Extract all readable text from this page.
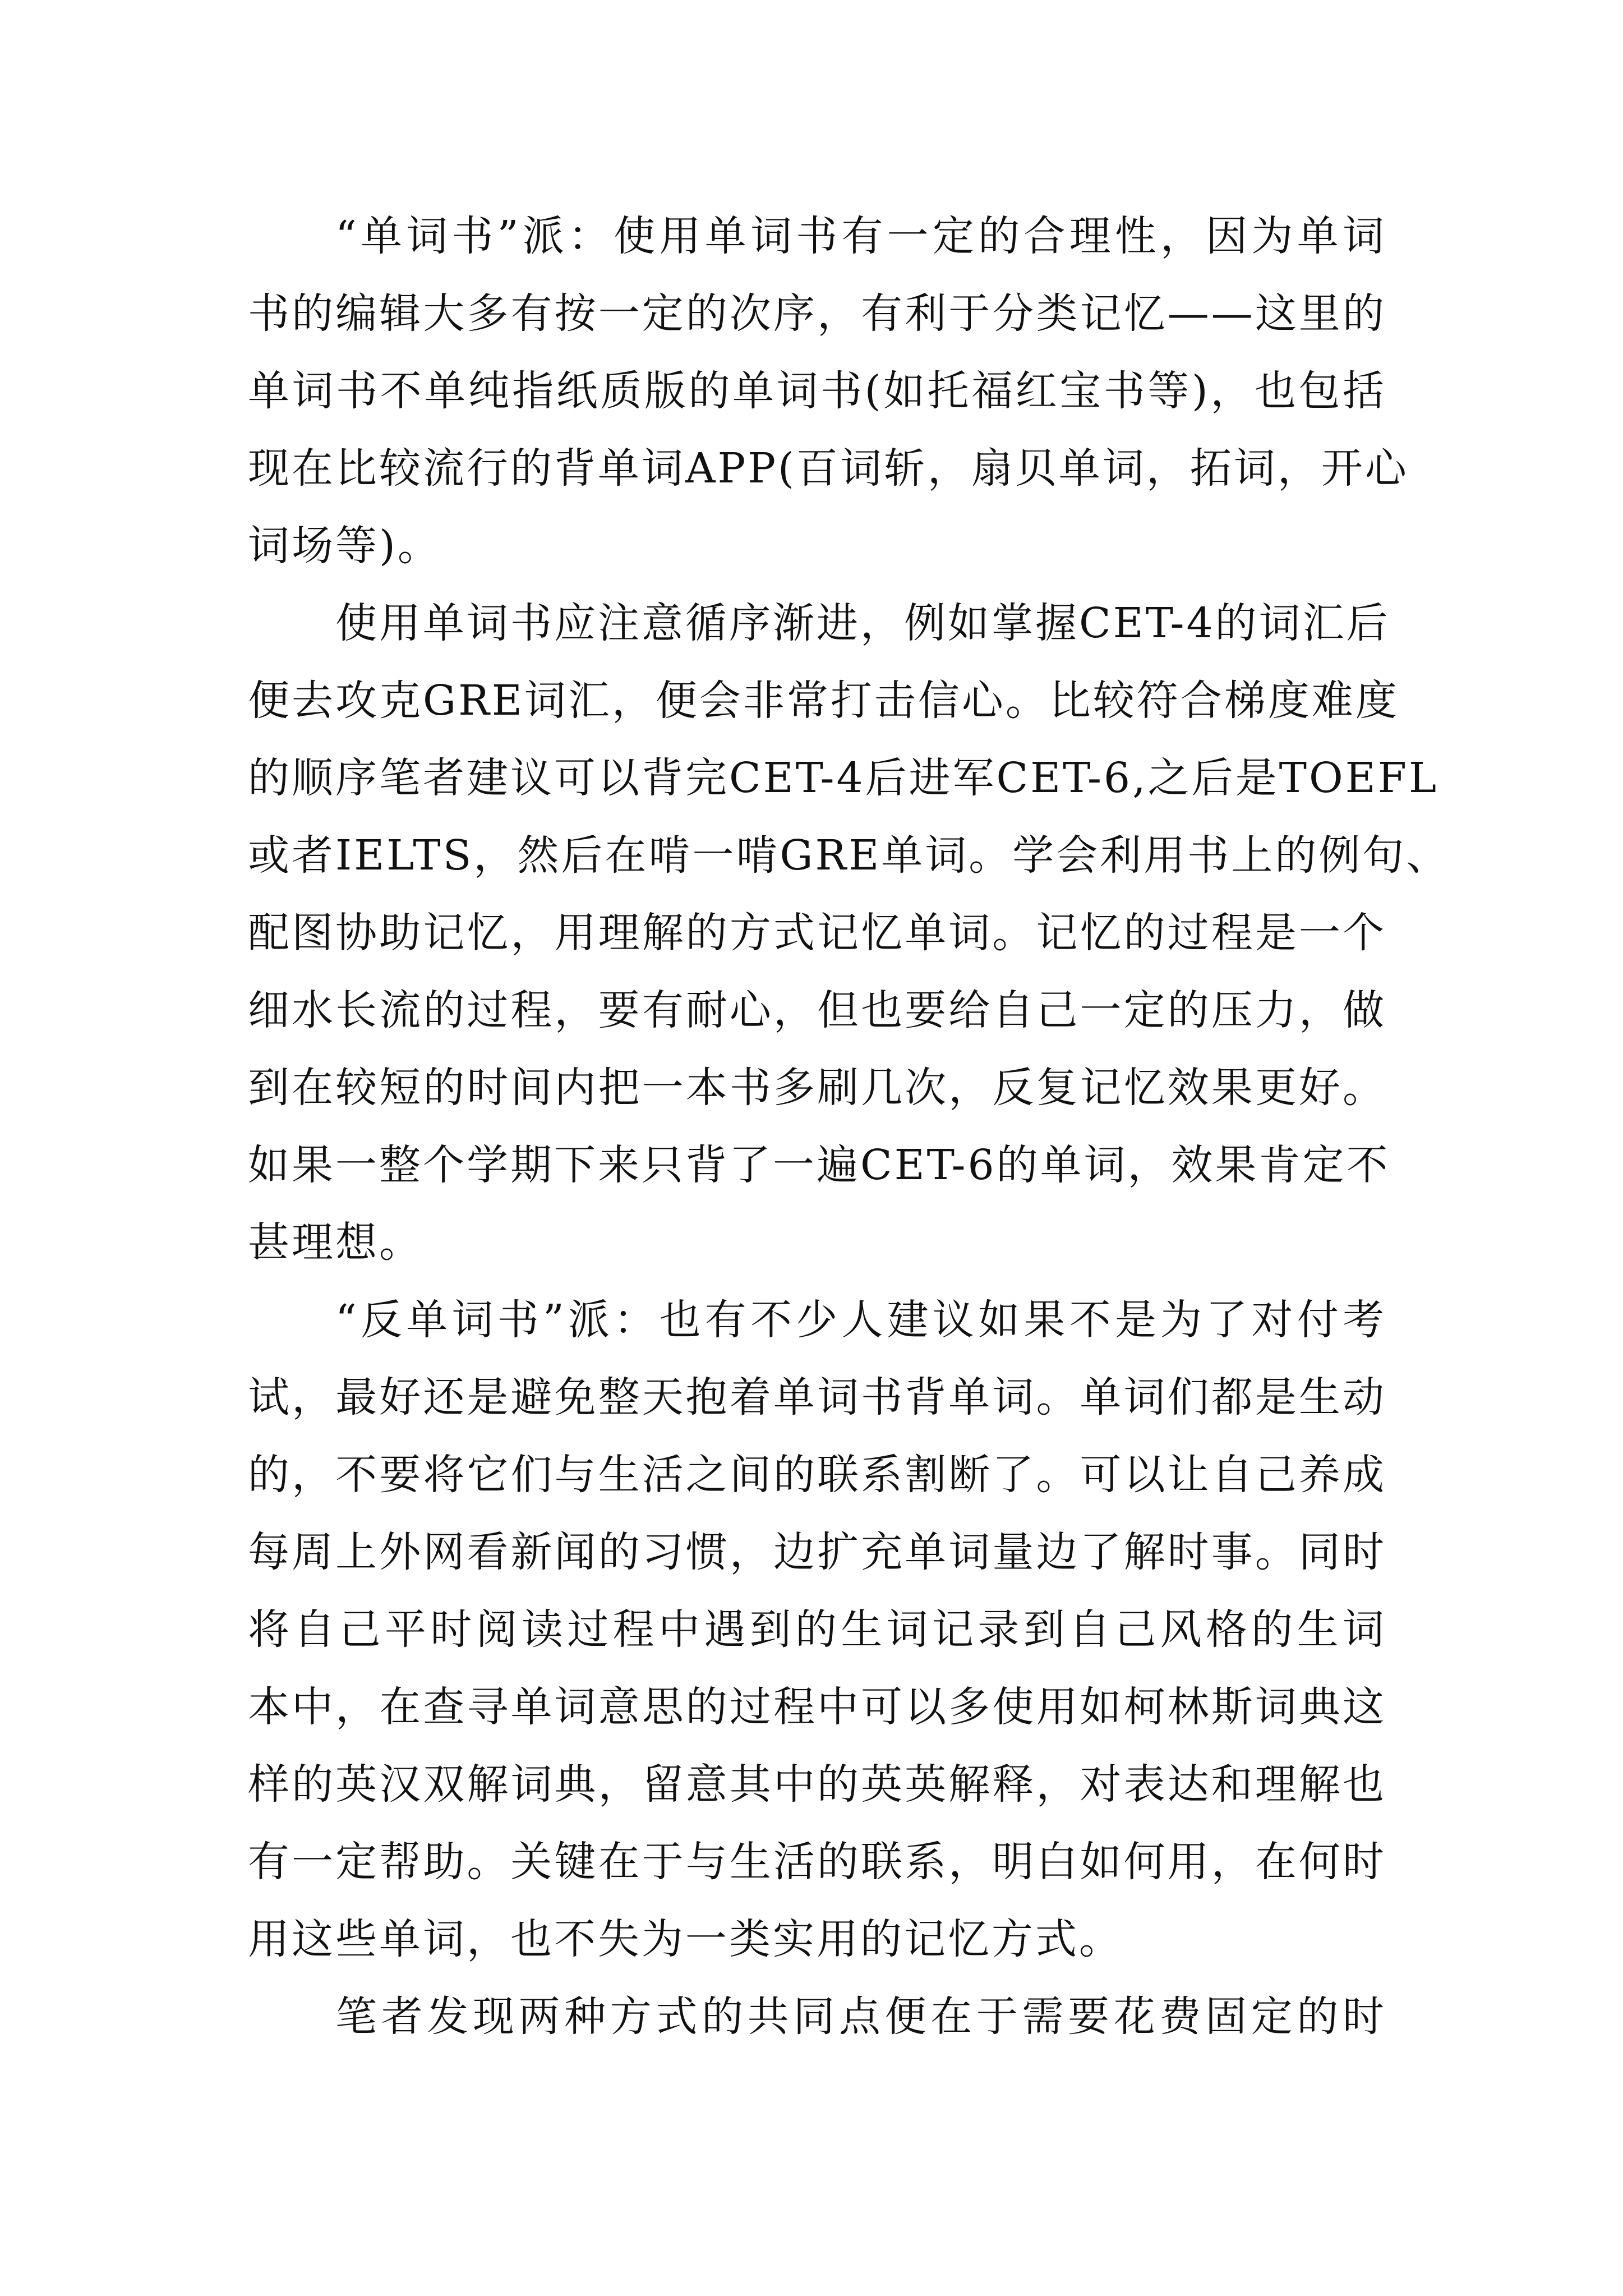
“单词书”派：使用单词书有一定的合理性，因为单词
书的编辑大多有按一定的次序，有利于分类记忆——这里的
单词书不单纯指纸质版的单词书(如托福红宝书等)，也包括
现在比较流行的背单词APP(百词斩，扇贝单词，拓词，开心
词场等)。
使用单词书应注意循序渐进，例如掌握CET-4的词汇后
便去攻克GRE词汇，便会非常打击信心。比较符合梯度难度
的顺序笔者建议可以背完CET-4后进军CET-6,之后是TOEFL
或者IELTS，然后在啃一啃GRE单词。学会利用书上的例句、
配图协助记忆，用理解的方式记忆单词。记忆的过程是一个
细水长流的过程，要有耐心，但也要给自己一定的压力，做
到在较短的时间内把一本书多刷几次，反复记忆效果更好。
如果一整个学期下来只背了一遍CET-6的单词，效果肯定不
甚理想。
“反单词书”派：也有不少人建议如果不是为了对付考
试，最好还是避免整天抱着单词书背单词。单词们都是生动
的，不要将它们与生活之间的联系割断了。可以让自己养成
每周上外网看新闻的习惯，边扩充单词量边了解时事。同时
将自己平时阅读过程中遇到的生词记录到自己风格的生词
本中，在查寻单词意思的过程中可以多使用如柯林斯词典这
样的英汉双解词典，留意其中的英英解释，对表达和理解也
有一定帮助。关键在于与生活的联系，明白如何用，在何时
用这些单词，也不失为一类实用的记忆方式。
笔者发现两种方式的共同点便在于需要花费固定的时
